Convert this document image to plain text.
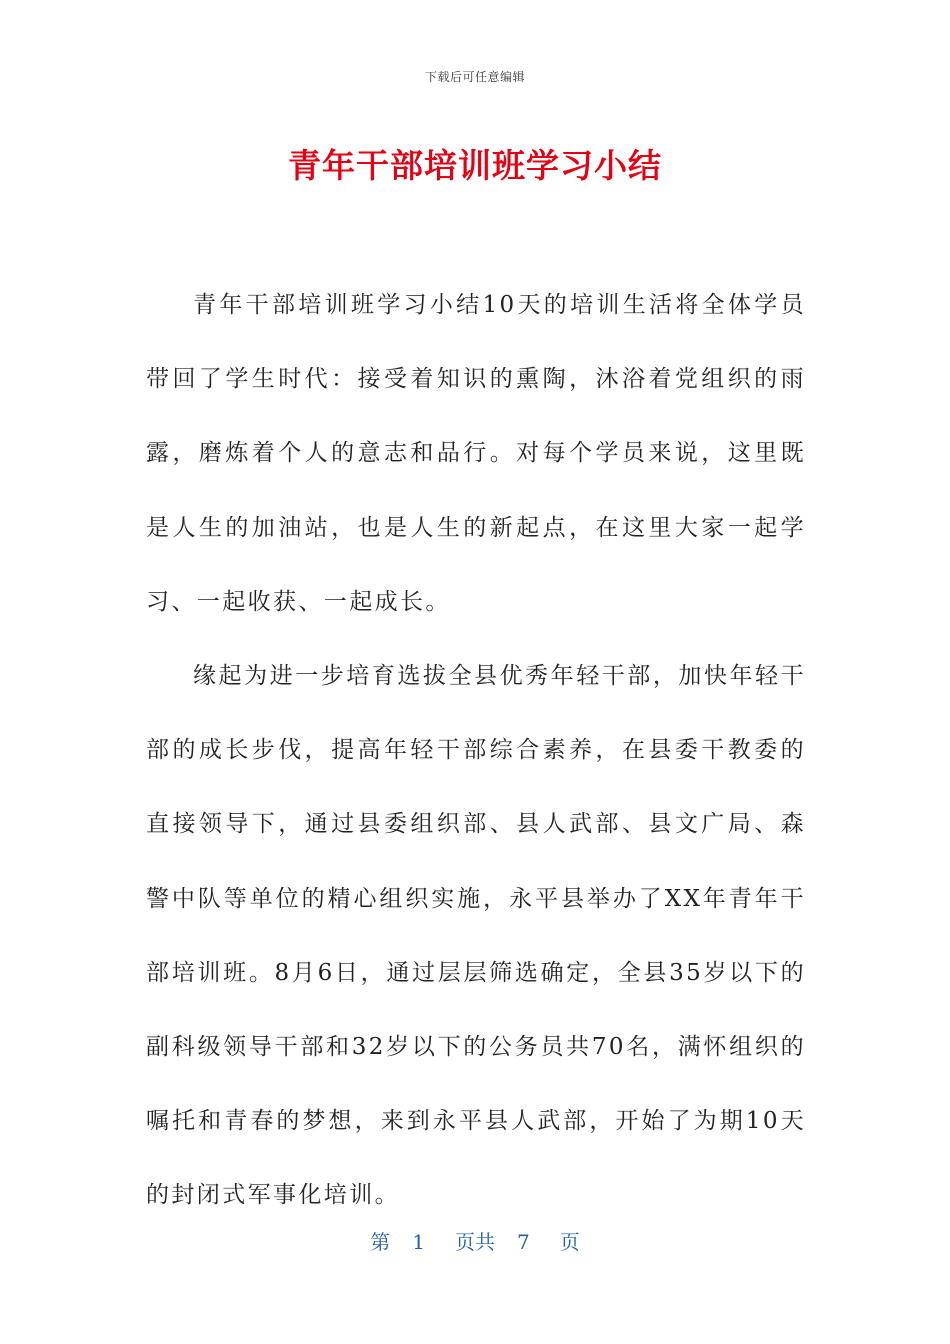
下载后可任意编辑
青年干部培训班学习小结

青年干部培训班学习小结10天的培训生活将全体学员带回了学生时代：接受着知识的熏陶，沐浴着党组织的雨露，磨炼着个人的意志和品行。对每个学员来说，这里既是人生的加油站，也是人生的新起点，在这里大家一起学习、一起收获、一起成长。

缘起为进一步培育选拔全县优秀年轻干部，加快年轻干部的成长步伐，提高年轻干部综合素养，在县委干教委的直接领导下，通过县委组织部、县人武部、县文广局、森警中队等单位的精心组织实施，永平县举办了XX年青年干部培训班。8月6日，通过层层筛选确定，全县35岁以下的副科级领导干部和32岁以下的公务员共70名，满怀组织的嘱托和青春的梦想，来到永平县人武部，开始了为期10天的封闭式军事化培训。

第 1 页共 7 页
